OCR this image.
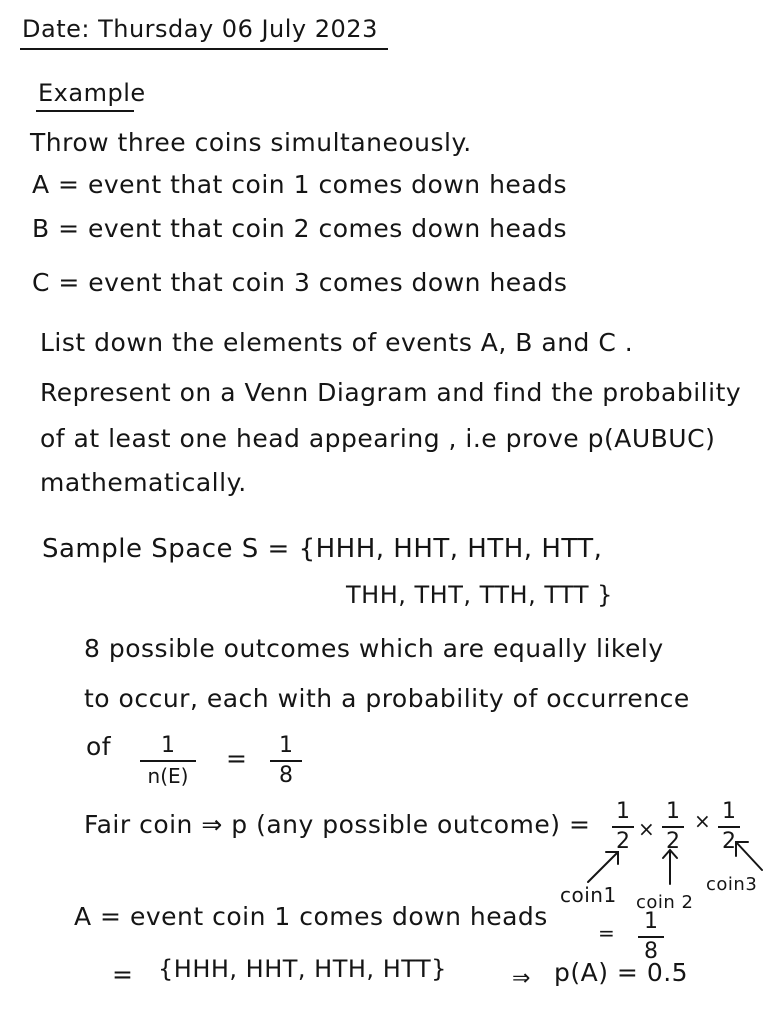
Date: Thursday 06 July 2023
Example
Throw three coins simultaneously.
A = event that coin 1 comes down heads
B = event that coin 2 comes down heads
C = event that coin 3 comes down heads
List down the elements of events A, B and C .
Represent on a Venn Diagram and find the probability
of at least one head appearing , i.e prove p(AUBUC)
mathematically.
Sample Space S = {HHH, HHT, HTH, HTT,
THH, THT, TTH, TTT }
8 possible outcomes which are equally likely
to occur, each with a probability of occurrence
of	1
n(E)
=	1
8
Fair coin ⇒ p (any possible outcome) = 1
2 ×
1
2
× 1
2
coin1 coin 2
coin3
A = event coin 1 comes down heads
= 1
8
= {HHH, HHT, HTH, HTT}	⇒ p(A) = 0.5
